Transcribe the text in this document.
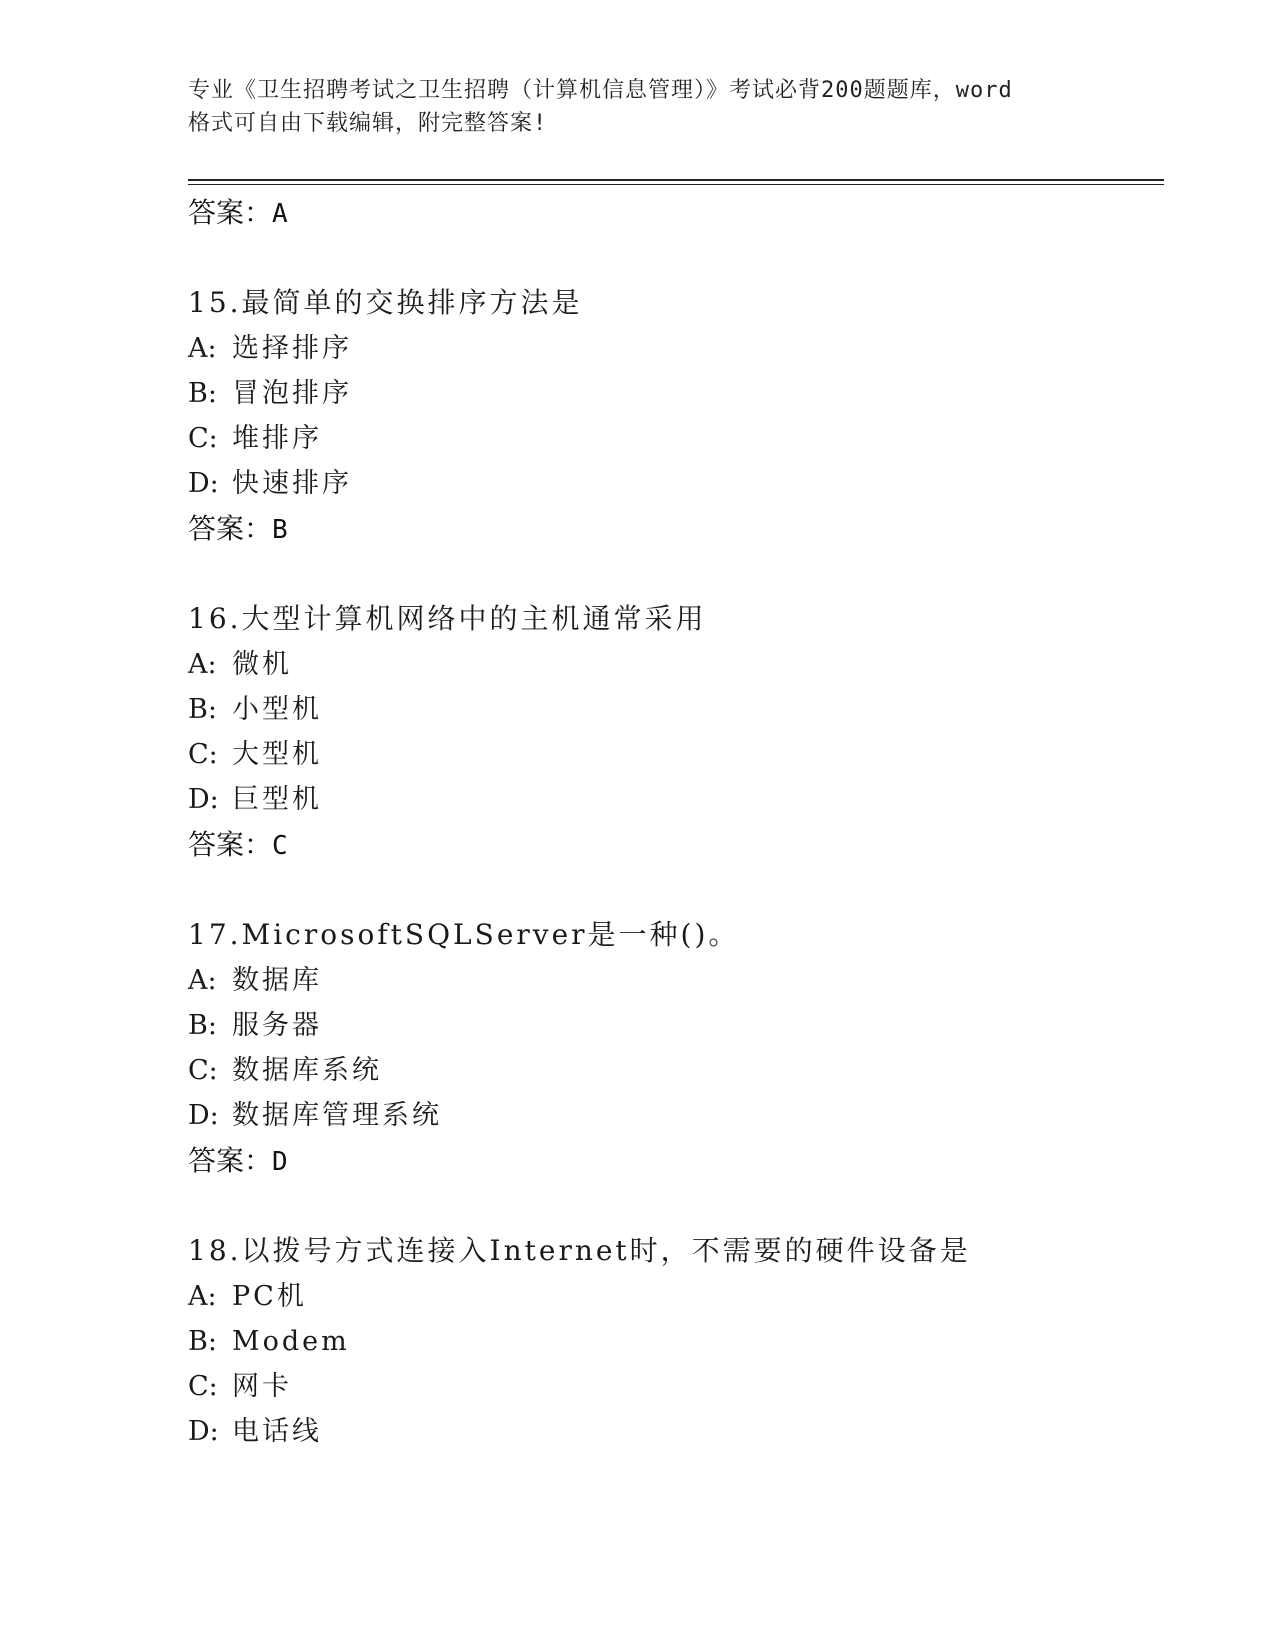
专业《卫生招聘考试之卫生招聘（计算机信息管理）》考试必背200题题库，word
格式可自由下载编辑，附完整答案!
答案：A
15.最简单的交换排序方法是
A: 选择排序
B: 冒泡排序
C: 堆排序
D: 快速排序
答案：B
16.大型计算机网络中的主机通常采用
A: 微机
B: 小型机
C: 大型机
D: 巨型机
答案：C
17.MicrosoftSQLServer是一种()。
A: 数据库
B: 服务器
C: 数据库系统
D: 数据库管理系统
答案：D
18.以拨号方式连接入Internet时，不需要的硬件设备是
A: PC机
B: Modem
C: 网卡
D: 电话线
